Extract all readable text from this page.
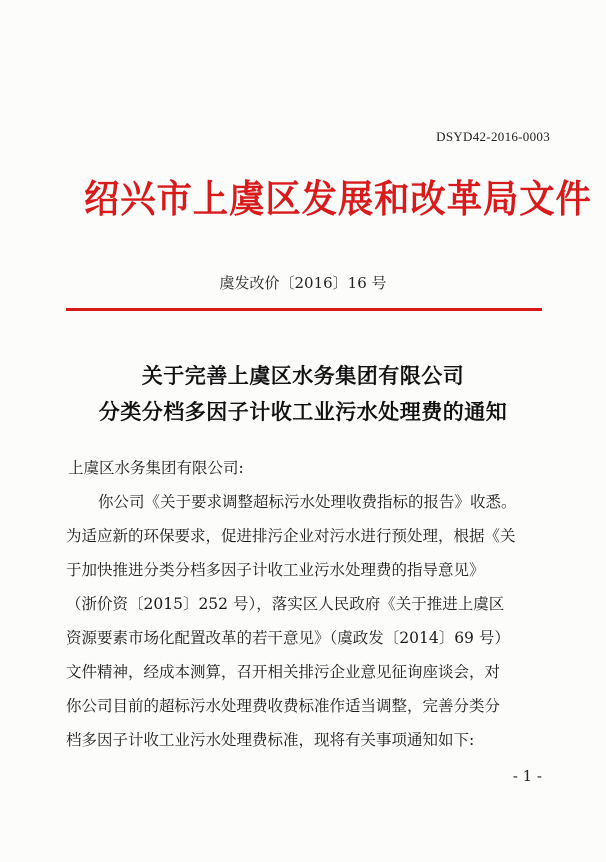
DSYD42-2016-0003
绍兴市上虞区发展和改革局文件
虞发改价〔2016〕16 号
关于完善上虞区水务集团有限公司
分类分档多因子计收工业污水处理费的通知
上虞区水务集团有限公司:
你公司《关于要求调整超标污水处理收费指标的报告》收悉。
为适应新的环保要求，促进排污企业对污水进行预处理，根据《关
于加快推进分类分档多因子计收工业污水处理费的指导意见》
（浙价资〔2015〕252 号），落实区人民政府《关于推进上虞区
资源要素市场化配置改革的若干意见》（虞政发〔2014〕69 号）
文件精神，经成本测算，召开相关排污企业意见征询座谈会，对
你公司目前的超标污水处理费收费标准作适当调整，完善分类分
档多因子计收工业污水处理费标准，现将有关事项通知如下:
- 1 -
